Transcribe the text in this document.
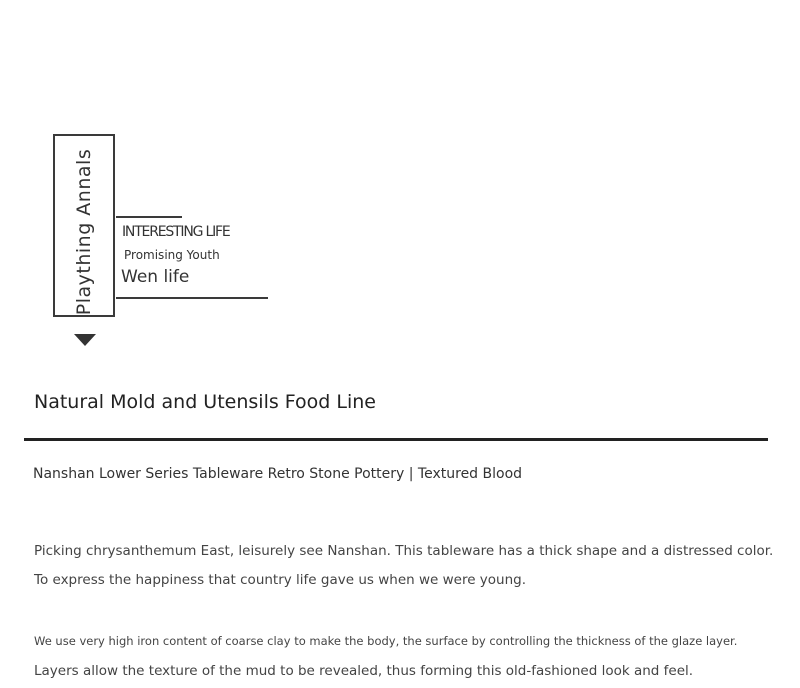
Plaything Annals INTERESTING LIFE
Promising Youth
Wen life
Natural Mold and Utensils Food Line
Nanshan Lower Series Tableware Retro Stone Pottery | Textured Blood
Picking chrysanthemum East, leisurely see Nanshan. This tableware has a thick shape and a distressed color.
To express the happiness that country life gave us when we were young.
We use very high iron content of coarse clay to make the body, the surface by controlling the thickness of the glaze layer.
Layers allow the texture of the mud to be revealed, thus forming this old-fashioned look and feel.
